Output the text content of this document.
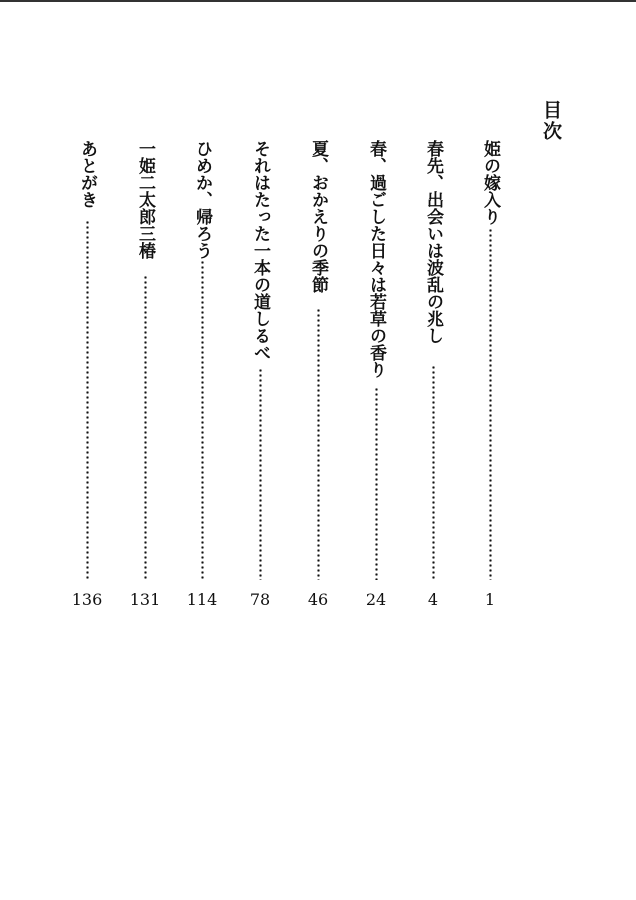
目次
姫の嫁入り
1
春先、出会いは波乱の兆し
4
春、過ごした日々は若草の香り
24
夏、おかえりの季節
46
それはたった一本の道しるべ
78
ひめか、帰ろう
114
一姫二太郎三椿
131
あとがき
136
